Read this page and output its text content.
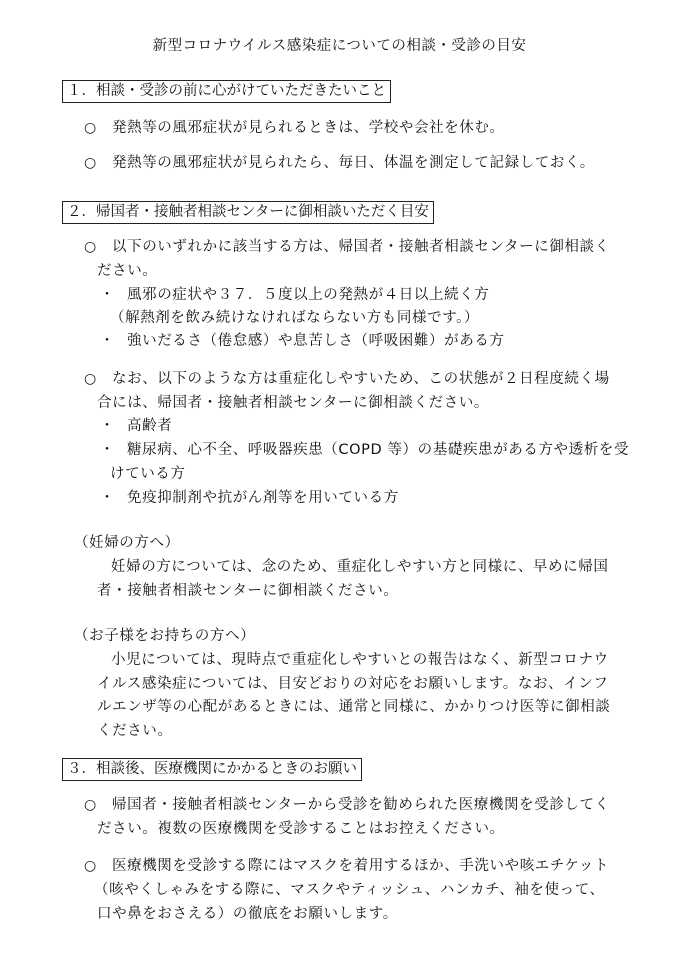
新型コロナウイルス感染症についての相談・受診の目安
１．相談・受診の前に心がけていただきたいこと
○ 発熱等の風邪症状が見られるときは、学校や会社を休む。
○ 発熱等の風邪症状が見られたら、毎日、体温を測定して記録しておく。
２．帰国者・接触者相談センターに御相談いただく目安
○ 以下のいずれかに該当する方は、帰国者・接触者相談センターに御相談く
ださい。
・ 風邪の症状や３７．５度以上の発熱が４日以上続く方
（解熱剤を飲み続けなければならない方も同様です。）
・ 強いだるさ（倦怠感）や息苦しさ（呼吸困難）がある方
○ なお、以下のような方は重症化しやすいため、この状態が２日程度続く場
合には、帰国者・接触者相談センターに御相談ください。
・ 高齢者
・ 糖尿病、心不全、呼吸器疾患（COPD 等）の基礎疾患がある方や透析を受
けている方
・ 免疫抑制剤や抗がん剤等を用いている方
（妊婦の方へ）
妊婦の方については、念のため、重症化しやすい方と同様に、早めに帰国
者・接触者相談センターに御相談ください。
（お子様をお持ちの方へ）
小児については、現時点で重症化しやすいとの報告はなく、新型コロナウ
イルス感染症については、目安どおりの対応をお願いします。なお、インフ
ルエンザ等の心配があるときには、通常と同様に、かかりつけ医等に御相談
ください。
３．相談後、医療機関にかかるときのお願い
○ 帰国者・接触者相談センターから受診を勧められた医療機関を受診してく
ださい。複数の医療機関を受診することはお控えください。
○ 医療機関を受診する際にはマスクを着用するほか、手洗いや咳エチケット
（咳やくしゃみをする際に、マスクやティッシュ、ハンカチ、袖を使って、
口や鼻をおさえる）の徹底をお願いします。
